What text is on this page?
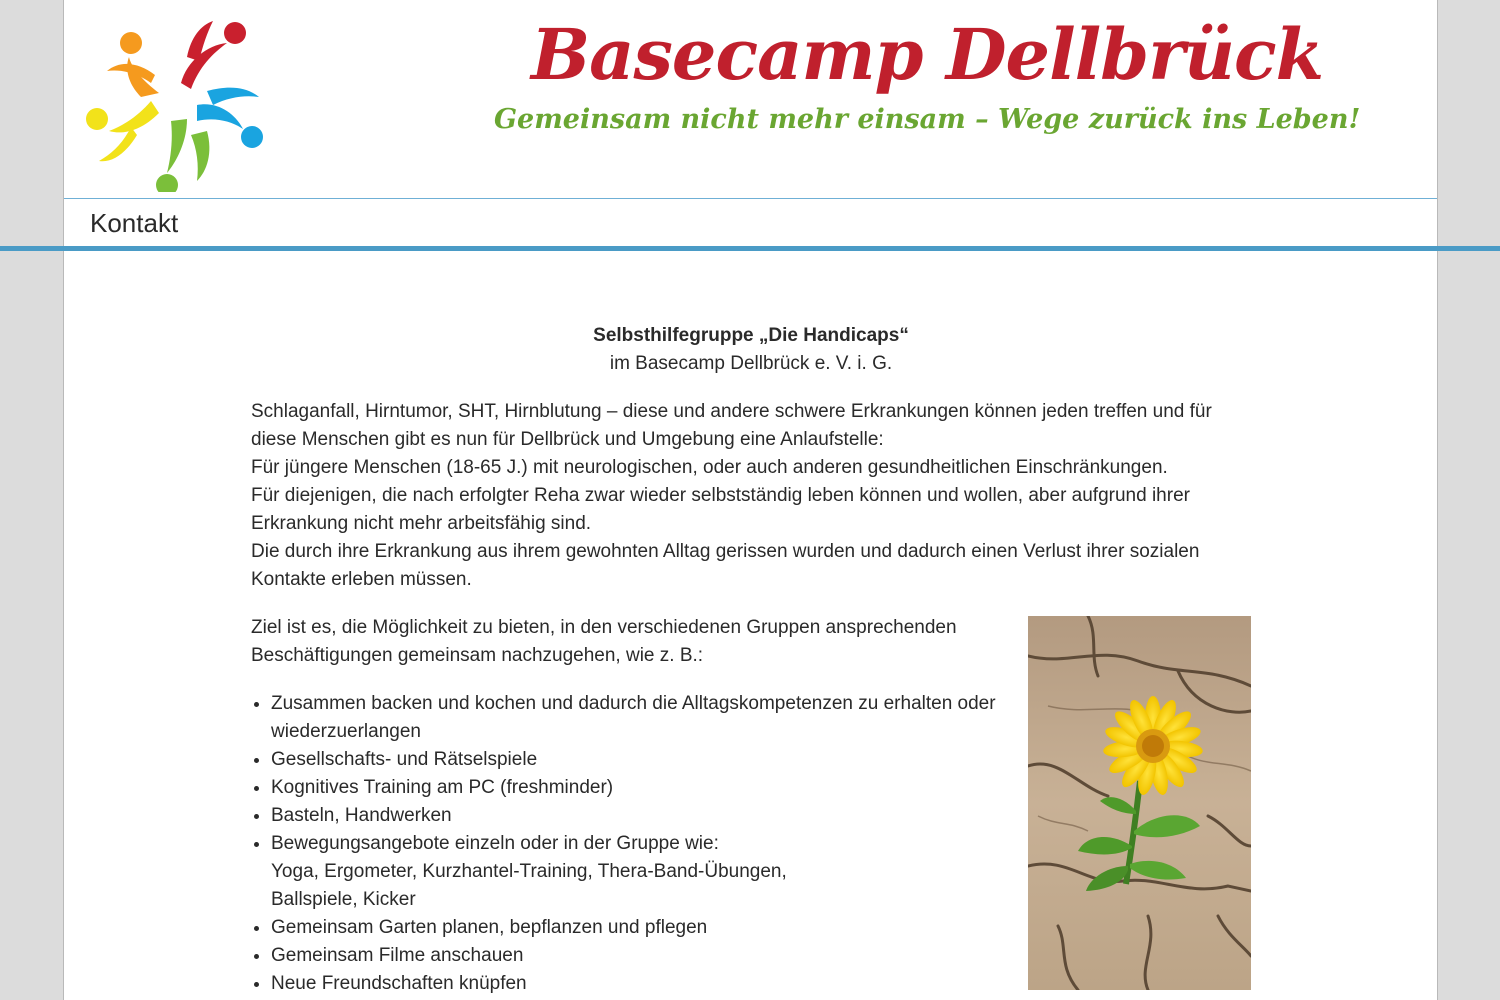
Basecamp Dellbrück
Gemeinsam nicht mehr einsam – Wege zurück ins Leben!
Kontakt

Selbsthilfegruppe „Die Handicaps“

im Basecamp Dellbrück e. V. i. G.

Schlaganfall, Hirntumor, SHT, Hirnblutung – diese und andere schwere Erkrankungen können jeden treffen und für diese Menschen gibt es nun für Dellbrück und Umgebung eine Anlaufstelle:
Für jüngere Menschen (18-65 J.) mit neurologischen, oder auch anderen gesundheitlichen Einschränkungen.
Für diejenigen, die nach erfolgter Reha zwar wieder selbstständig leben können und wollen, aber aufgrund ihrer Erkrankung nicht mehr arbeitsfähig sind.
Die durch ihre Erkrankung aus ihrem gewohnten Alltag gerissen wurden und dadurch einen Verlust ihrer sozialen Kontakte erleben müssen.

Ziel ist es, die Möglichkeit zu bieten, in den verschiedenen Gruppen ansprechenden Beschäftigungen gemeinsam nachzugehen, wie z. B.:

• Zusammen backen und kochen und dadurch die Alltagskompetenzen zu erhalten oder wiederzuerlangen
• Gesellschafts- und Rätselspiele
• Kognitives Training am PC (freshminder)
• Basteln, Handwerken
• Bewegungsangebote einzeln oder in der Gruppe wie:
Yoga, Ergometer, Kurzhantel-Training, Thera-Band-Übungen,
Ballspiele, Kicker
• Gemeinsam Garten planen, bepflanzen und pflegen
• Gemeinsam Filme anschauen
• Neue Freundschaften knüpfen
